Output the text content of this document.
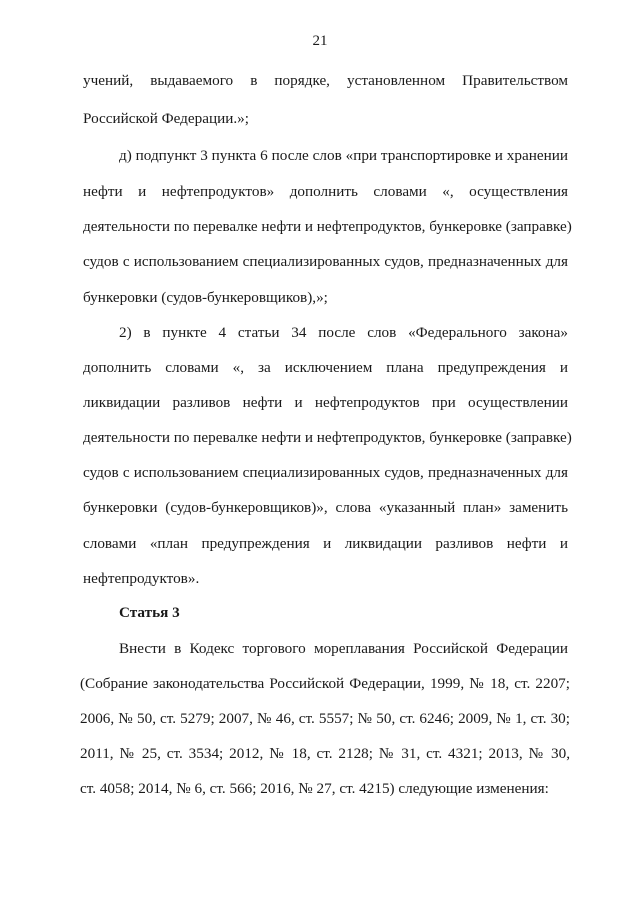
21
учений, выдаваемого в порядке, установленном Правительством
Российской Федерации.»;
д) подпункт 3 пункта 6 после слов «при транспортировке и хранении
нефти и нефтепродуктов» дополнить словами «, осуществления
деятельности по перевалке нефти и нефтепродуктов, бункеровке (заправке)
судов с использованием специализированных судов, предназначенных для
бункеровки (судов-бункеровщиков),»;
2) в пункте 4 статьи 34 после слов «Федерального закона»
дополнить словами «, за исключением плана предупреждения и
ликвидации разливов нефти и нефтепродуктов при осуществлении
деятельности по перевалке нефти и нефтепродуктов, бункеровке (заправке)
судов с использованием специализированных судов, предназначенных для
бункеровки (судов-бункеровщиков)», слова «указанный план» заменить
словами «план предупреждения и ликвидации разливов нефти и
нефтепродуктов».
Статья 3
Внести в Кодекс торгового мореплавания Российской Федерации
(Собрание законодательства Российской Федерации, 1999, № 18, ст. 2207;
2006, № 50, ст. 5279; 2007, № 46, ст. 5557; № 50, ст. 6246; 2009, № 1, ст. 30;
2011, № 25, ст. 3534; 2012, № 18, ст. 2128; № 31, ст. 4321; 2013, № 30,
ст. 4058; 2014, № 6, ст. 566; 2016, № 27, ст. 4215) следующие изменения:
